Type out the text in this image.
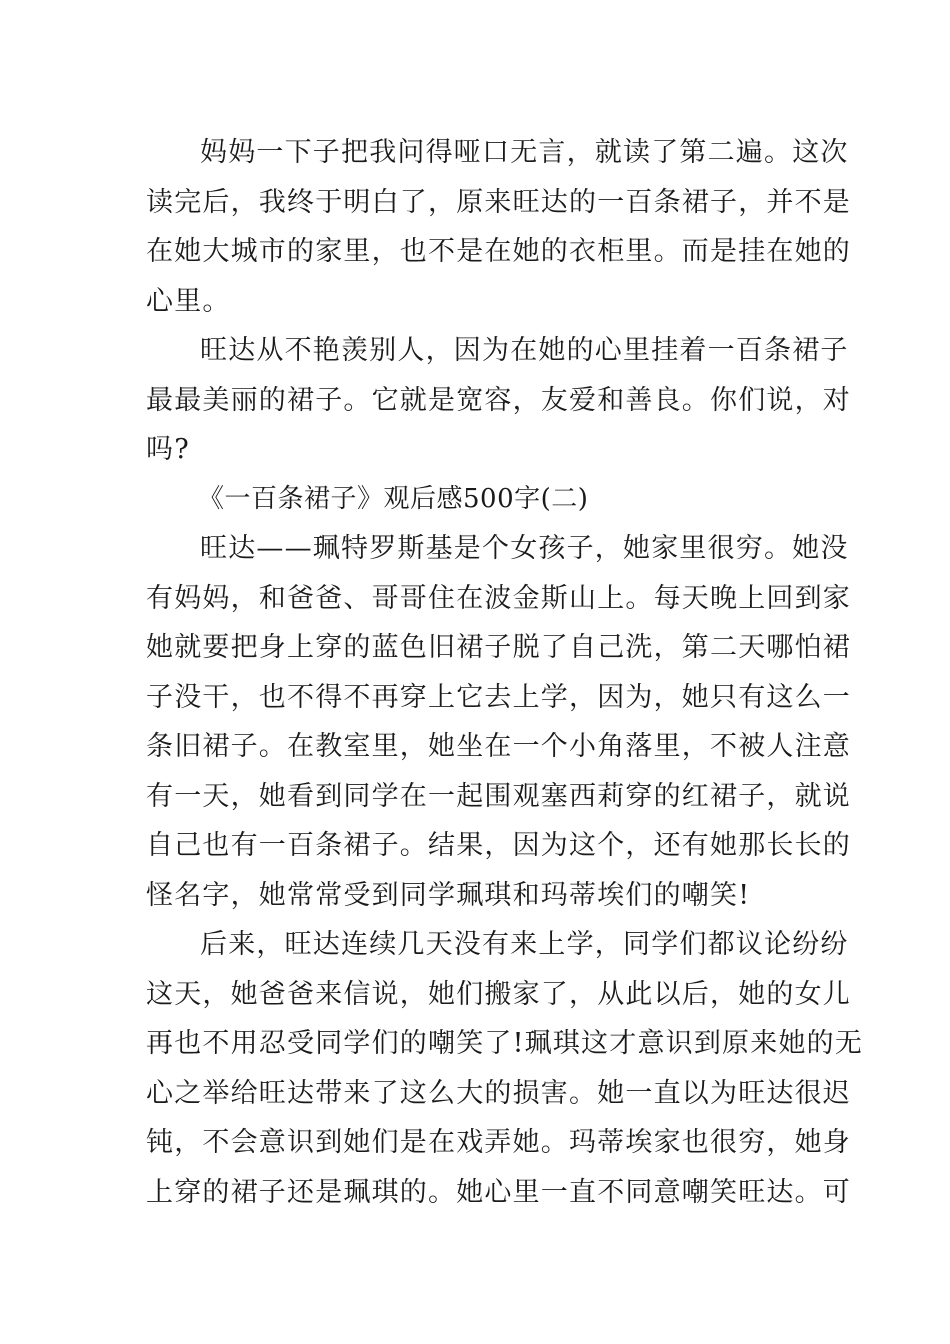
妈妈一下子把我问得哑口无言，就读了第二遍。这次
读完后，我终于明白了，原来旺达的一百条裙子，并不是
在她大城市的家里，也不是在她的衣柜里。而是挂在她的
心里。
旺达从不艳羡别人，因为在她的心里挂着一百条裙子
最最美丽的裙子。它就是宽容，友爱和善良。你们说，对
吗?
《一百条裙子》观后感500字(二)
旺达——珮特罗斯基是个女孩子，她家里很穷。她没
有妈妈，和爸爸、哥哥住在波金斯山上。每天晚上回到家
她就要把身上穿的蓝色旧裙子脱了自己洗，第二天哪怕裙
子没干，也不得不再穿上它去上学，因为，她只有这么一
条旧裙子。在教室里，她坐在一个小角落里，不被人注意
有一天，她看到同学在一起围观塞西莉穿的红裙子，就说
自己也有一百条裙子。结果，因为这个，还有她那长长的
怪名字，她常常受到同学珮琪和玛蒂埃们的嘲笑!
后来，旺达连续几天没有来上学，同学们都议论纷纷
这天，她爸爸来信说，她们搬家了，从此以后，她的女儿
再也不用忍受同学们的嘲笑了!珮琪这才意识到原来她的无
心之举给旺达带来了这么大的损害。她一直以为旺达很迟
钝，不会意识到她们是在戏弄她。玛蒂埃家也很穷，她身
上穿的裙子还是珮琪的。她心里一直不同意嘲笑旺达。可
